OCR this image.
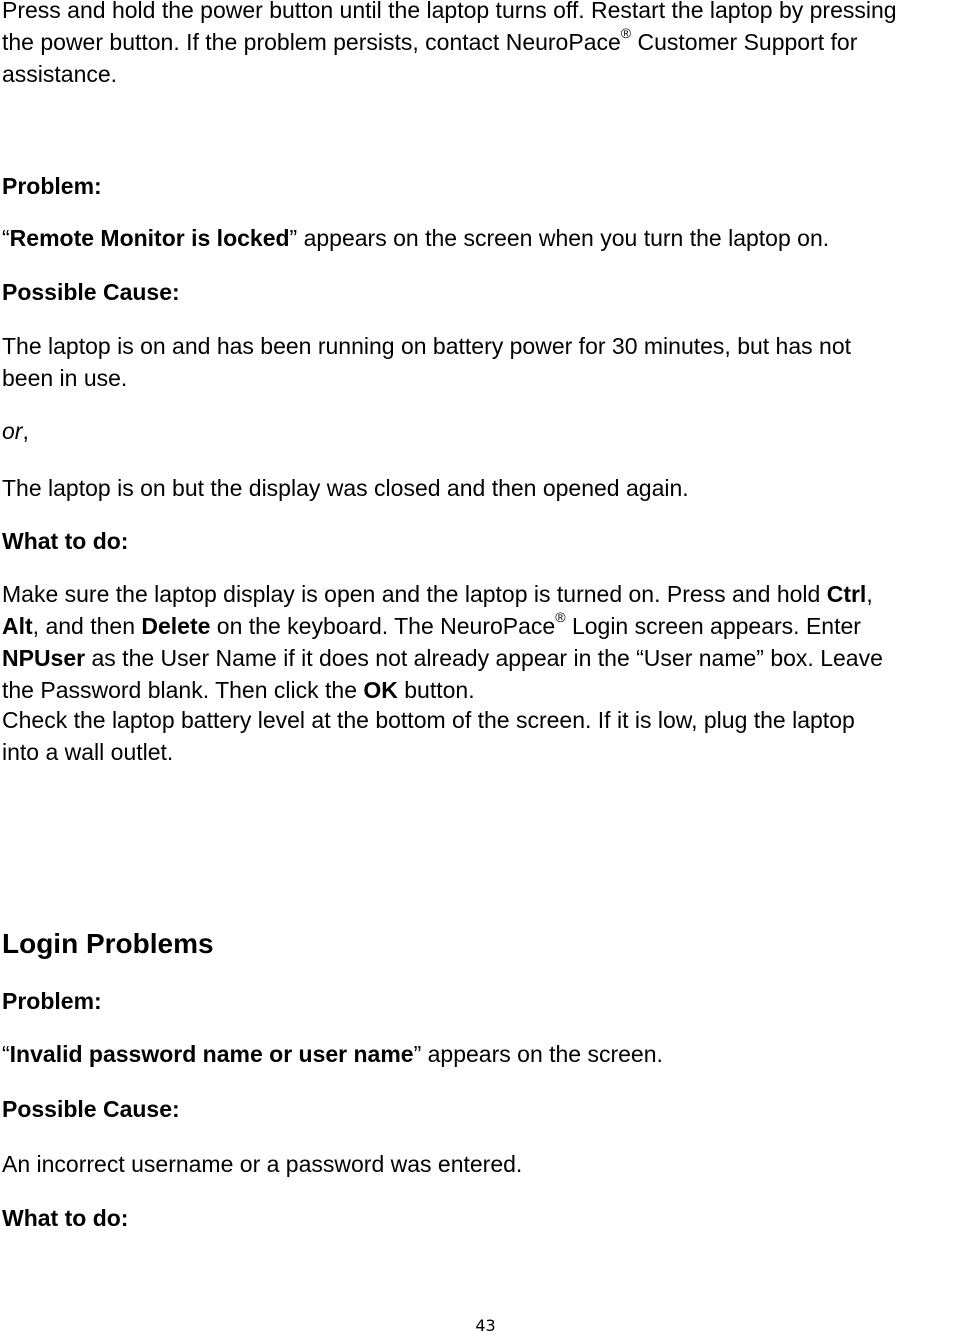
Press and hold the power button until the laptop turns off. Restart the laptop by pressing
the power button. If the problem persists, contact NeuroPace® Customer Support for
assistance.

Problem:

“Remote Monitor is locked” appears on the screen when you turn the laptop on.

Possible Cause:

The laptop is on and has been running on battery power for 30 minutes, but has not
been in use.

or,

The laptop is on but the display was closed and then opened again.

What to do:

Make sure the laptop display is open and the laptop is turned on. Press and hold Ctrl,
Alt, and then Delete on the keyboard. The NeuroPace® Login screen appears. Enter
NPUser as the User Name if it does not already appear in the “User name” box. Leave
the Password blank. Then click the OK button.

Check the laptop battery level at the bottom of the screen. If it is low, plug the laptop
into a wall outlet.

Login Problems

Problem:

“Invalid password name or user name” appears on the screen.

Possible Cause:

An incorrect username or a password was entered.

What to do:

43
